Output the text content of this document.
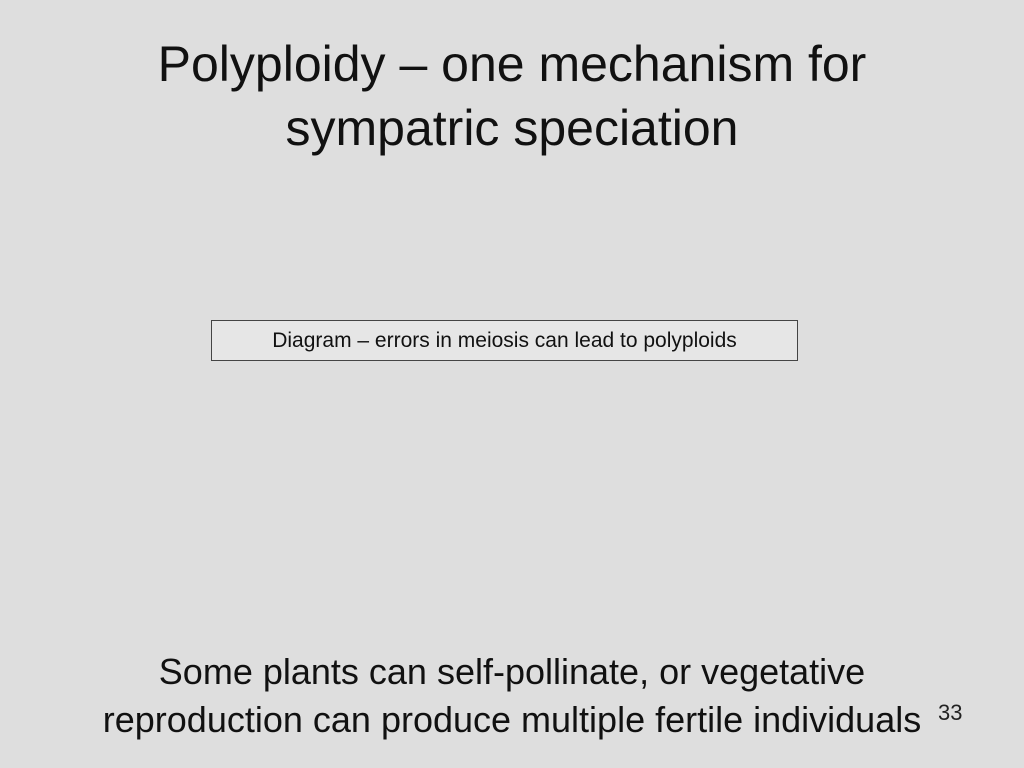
Polyploidy – one mechanism for
sympatric speciation
Diagram – errors in meiosis can lead to polyploids

Some plants can self-pollinate, or vegetative
reproduction can produce multiple fertile individuals 33
